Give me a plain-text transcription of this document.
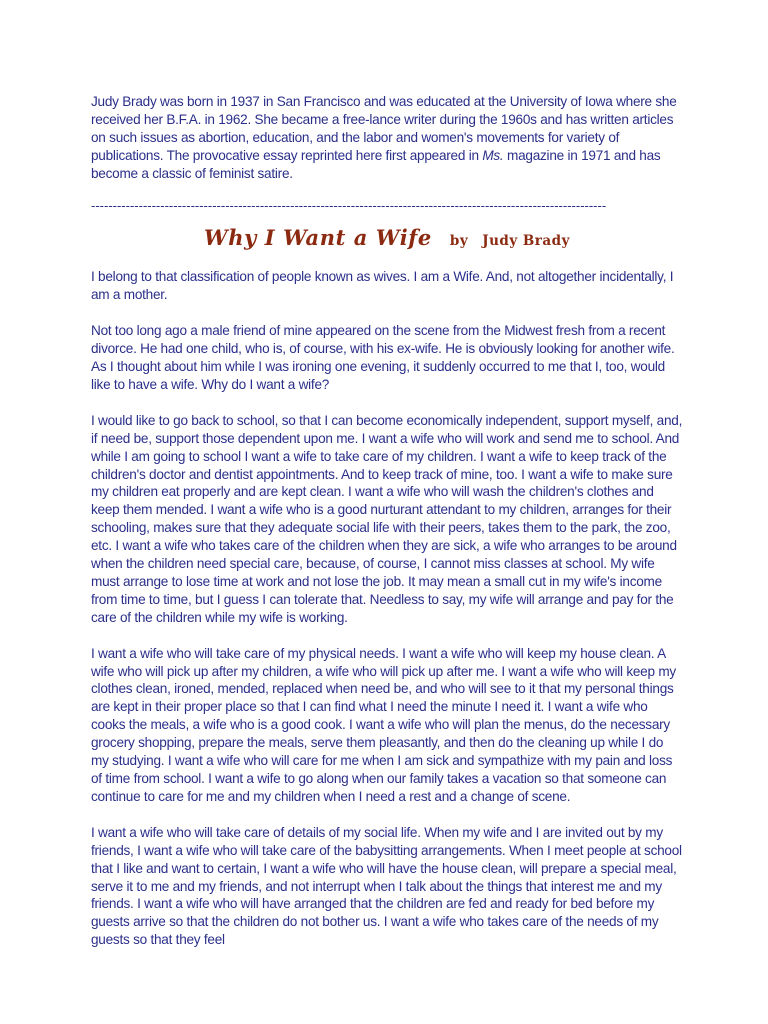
Judy Brady was born in 1937 in San Francisco and was educated at the University of Iowa where she received her B.F.A. in 1962. She became a free-lance writer during the 1960s and has written articles on such issues as abortion, education, and the labor and women's movements for variety of publications. The provocative essay reprinted here first appeared in Ms. magazine in 1971 and has become a classic of feminist satire.

-----------------------------------------------------------------------------------------------------------------------
Why I Want a Wife by Judy Brady

I belong to that classification of people known as wives. I am a Wife. And, not altogether incidentally, I am a mother.

Not too long ago a male friend of mine appeared on the scene from the Midwest fresh from a recent divorce. He had one child, who is, of course, with his ex-wife. He is obviously looking for another wife. As I thought about him while I was ironing one evening, it suddenly occurred to me that I, too, would like to have a wife. Why do I want a wife?

I would like to go back to school, so that I can become economically independent, support myself, and, if need be, support those dependent upon me. I want a wife who will work and send me to school. And while I am going to school I want a wife to take care of my children. I want a wife to keep track of the children's doctor and dentist appointments. And to keep track of mine, too. I want a wife to make sure my children eat properly and are kept clean. I want a wife who will wash the children's clothes and keep them mended. I want a wife who is a good nurturant attendant to my children, arranges for their schooling, makes sure that they adequate social life with their peers, takes them to the park, the zoo, etc. I want a wife who takes care of the children when they are sick, a wife who arranges to be around when the children need special care, because, of course, I cannot miss classes at school. My wife must arrange to lose time at work and not lose the job. It may mean a small cut in my wife's income from time to time, but I guess I can tolerate that. Needless to say, my wife will arrange and pay for the care of the children while my wife is working.

I want a wife who will take care of my physical needs. I want a wife who will keep my house clean. A wife who will pick up after my children, a wife who will pick up after me. I want a wife who will keep my clothes clean, ironed, mended, replaced when need be, and who will see to it that my personal things are kept in their proper place so that I can find what I need the minute I need it. I want a wife who cooks the meals, a wife who is a good cook. I want a wife who will plan the menus, do the necessary grocery shopping, prepare the meals, serve them pleasantly, and then do the cleaning up while I do my studying. I want a wife who will care for me when I am sick and sympathize with my pain and loss of time from school. I want a wife to go along when our family takes a vacation so that someone can continue to care for me and my children when I need a rest and a change of scene.

I want a wife who will take care of details of my social life. When my wife and I are invited out by my friends, I want a wife who will take care of the babysitting arrangements. When I meet people at school that I like and want to certain, I want a wife who will have the house clean, will prepare a special meal, serve it to me and my friends, and not interrupt when I talk about the things that interest me and my friends. I want a wife who will have arranged that the children are fed and ready for bed before my guests arrive so that the children do not bother us. I want a wife who takes care of the needs of my guests so that they feel
